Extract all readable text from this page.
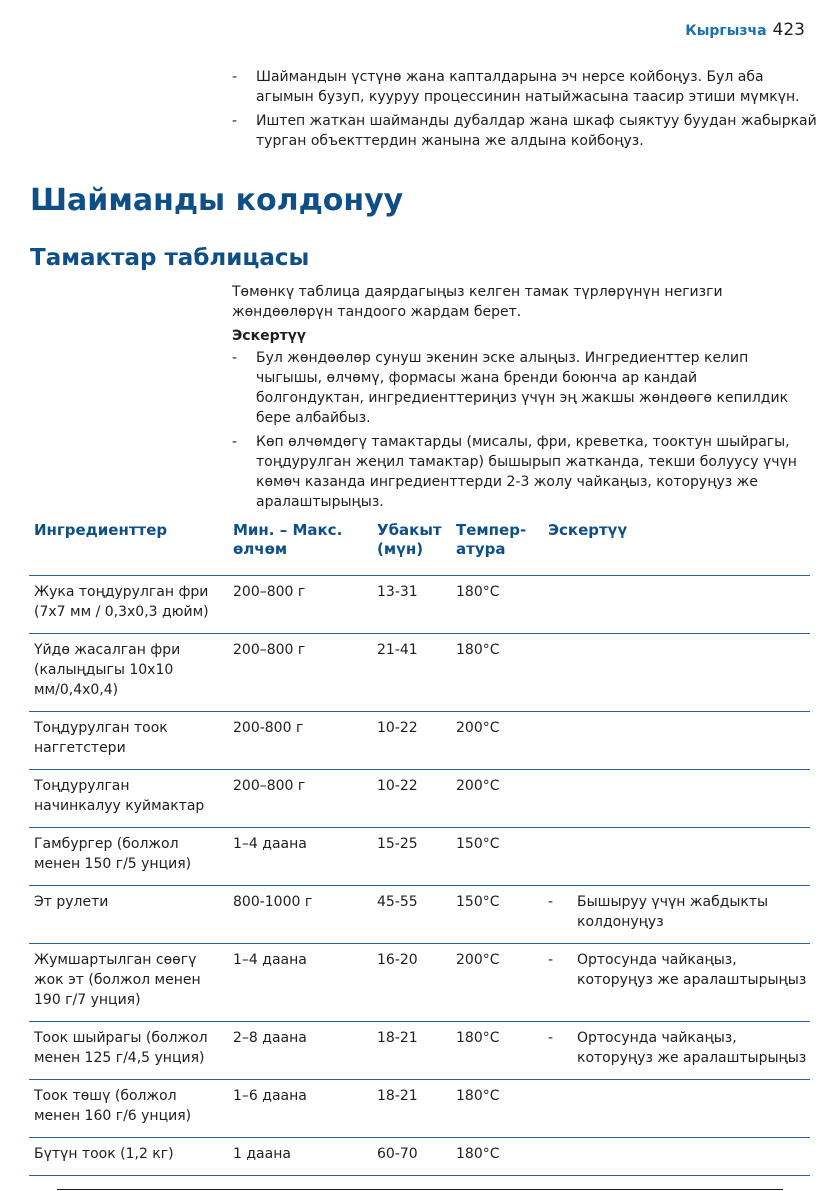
Кыргызча 423
- Шаймандын үстүнө жана капталдарына эч нерсе койбоңуз. Бул аба агымын бузуп, кууруу процессинин натыйжасына таасир этиши мүмкүн.
- Иштеп жаткан шайманды дубалдар жана шкаф сыяктуу буудан жабыркай турган объекттердин жанына же алдына койбоңуз.
Шайманды колдонуу
Тамактар таблицасы

Төмөнкү таблица даярдагыңыз келген тамак түрлөрүнүн негизги жөндөөлөрүн тандоого жардам берет.

Эскертүү

- Бул жөндөөлөр сунуш экенин эске алыңыз. Ингредиенттер келип чыгышы, өлчөмү, формасы жана бренди боюнча ар кандай болгондуктан, ингредиенттериңиз үчүн эң жакшы жөндөөгө кепилдик бере албайбыз.
- Көп өлчөмдөгү тамактарды (мисалы, фри, креветка, тооктун шыйрагы, тоңдурулган жеңил тамактар) бышырып жатканда, текши болуусу үчүн көмөч казанда ингредиенттерди 2-3 жолу чайкаңыз, которуңуз же аралаштырыңыз.
Ингредиенттер	Мин. – Макс. өлчөм	Убакыт (мүн)	Темпер-атура	Эскертүү
Жука тоңдурулган фри (7x7 мм / 0,3x0,3 дюйм)	200–800 г	13-31	180°C	
Үйдө жасалган фри (калыңдыгы 10x10 мм/0,4x0,4)	200–800 г	21-41	180°C	
Тоңдурулган тоок наггетстери	200-800 г	10-22	200°C	
Тоңдурулган начинкалуу куймактар	200–800 г	10-22	200°C	
Гамбургер (болжол менен 150 г/5 унция)	1–4 даана	15-25	150°C	
Эт рулети	800-1000 г	45-55	150°C	- Бышыруу үчүн жабдыкты колдонуңуз

Жумшартылган сөөгү жок эт (болжол менен 190 г/7 унция)	1–4 даана	16-20	200°C	- Ортосунда чайкаңыз, которуңуз же аралаштырыңыз

Тоок шыйрагы (болжол менен 125 г/4,5 унция)	2–8 даана	18-21	180°C	- Ортосунда чайкаңыз, которуңуз же аралаштырыңыз

Тоок төшү (болжол менен 160 г/6 унция)	1–6 даана	18-21	180°C	
Бүтүн тоок (1,2 кг)	1 даана	60-70	180°C	
